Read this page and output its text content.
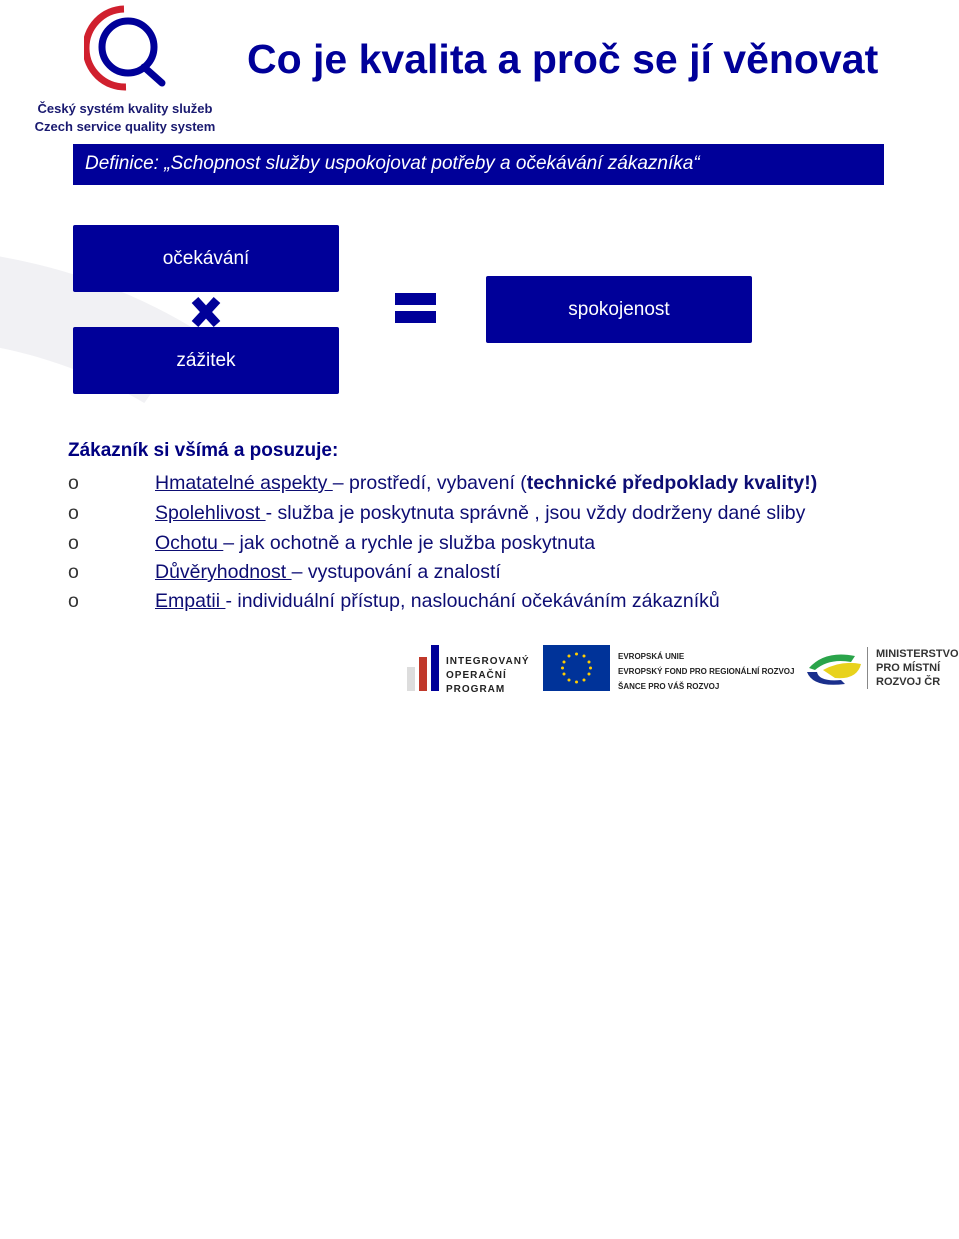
Český systém kvality služeb
Czech service quality system
Co je kvalita a proč se jí věnovat
Definice: „Schopnost služby uspokojovat potřeby a očekávání zákazníka“
očekávání
zážitek
spokojenost
Zákazník si všímá a posuzuje:
o	Hmatatelné aspekty – prostředí, vybavení (technické předpoklady kvality!)
o	Spolehlivost - služba je poskytnuta správně , jsou vždy dodrženy dané sliby
o	Ochotu – jak ochotně a rychle je služba poskytnuta
o	Důvěryhodnost – vystupování a znalostí
o	Empatii - individuální přístup, naslouchání očekáváním zákazníků
INTEGROVANÝ
OPERAČNÍ
PROGRAM
EVROPSKÁ UNIE
EVROPSKÝ FOND PRO REGIONÁLNÍ ROZVOJ
ŠANCE PRO VÁŠ ROZVOJ
MINISTERSTVO
PRO MÍSTNÍ
ROZVOJ ČR
